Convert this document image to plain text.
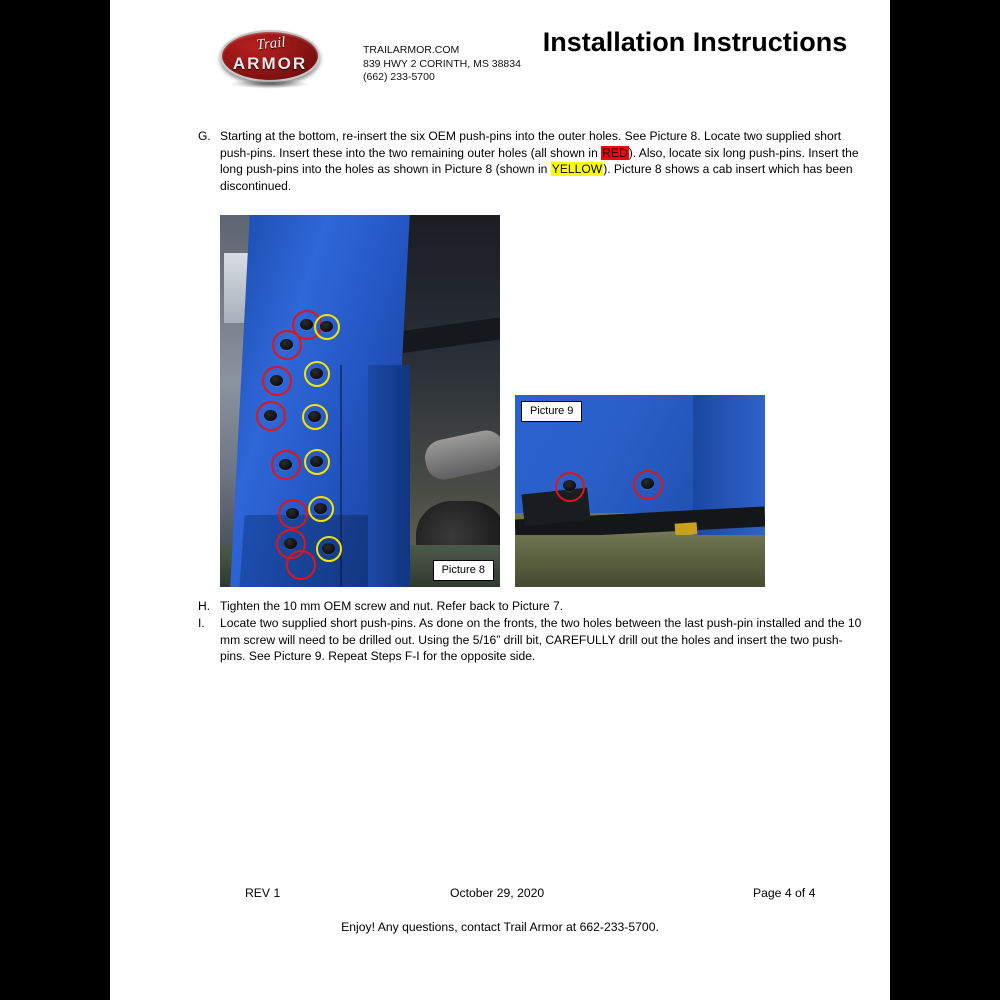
Trail
ARMOR
TRAILARMOR.COM
839 HWY 2 CORINTH, MS 38834
(662) 233-5700
Installation Instructions
G. Starting at the bottom, re-insert the six OEM push-pins into the outer holes. See Picture 8. Locate two supplied short push-pins. Insert these into the two remaining outer holes (all shown in RED). Also, locate six long push-pins. Insert the long push-pins into the holes as shown in Picture 8 (shown in YELLOW). Picture 8 shows a cab insert which has been discontinued.
Picture 8
Picture 9
H. Tighten the 10 mm OEM screw and nut. Refer back to Picture 7.
I.	Locate two supplied short push-pins. As done on the fronts, the two holes between the last push-pin installed and the 10 mm screw will need to be drilled out. Using the 5/16” drill bit, CAREFULLY drill out the holes and insert the two push-pins. See Picture 9. Repeat Steps F-I for the opposite side.
REV 1	October 29, 2020	Page 4 of 4
Enjoy! Any questions, contact Trail Armor at 662-233-5700.
